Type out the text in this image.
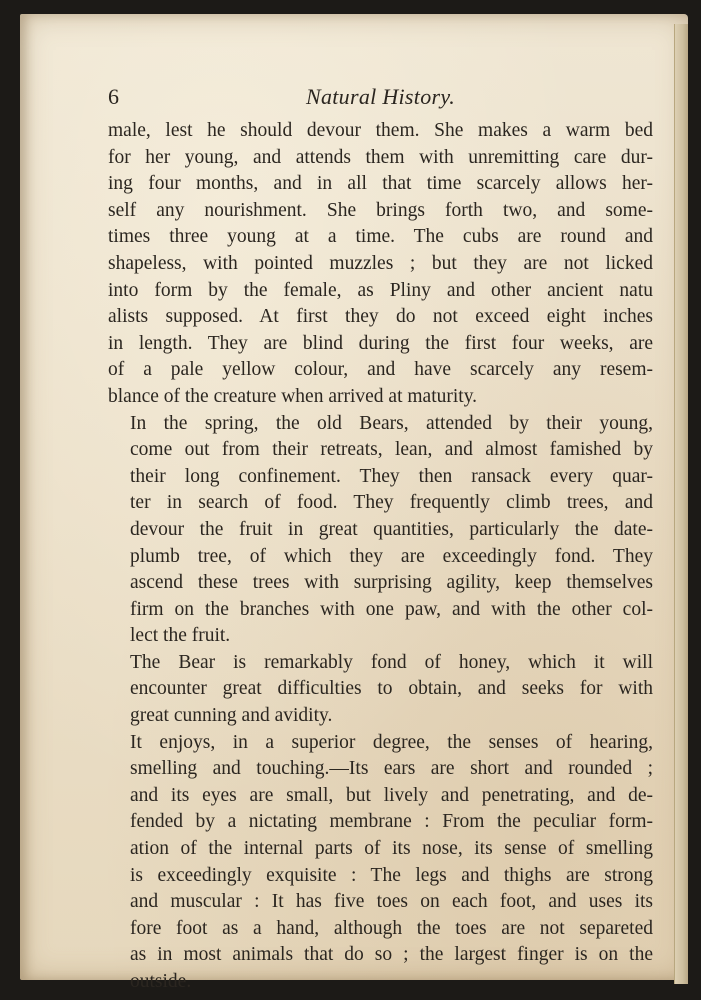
6	Natural History.

male, lest he should devour them. She makes a warm bed
for her young, and attends them with unremitting care dur-
ing four months, and in all that time scarcely allows her-
self any nourishment. She brings forth two, and some-
times three young at a time. The cubs are round and
shapeless, with pointed muzzles ; but they are not licked
into form by the female, as Pliny and other ancient natu
alists supposed. At first they do not exceed eight inches
in length. They are blind during the first four weeks, are
of a pale yellow colour, and have scarcely any resem-
blance of the creature when arrived at maturity.

In the spring, the old Bears, attended by their young,
come out from their retreats, lean, and almost famished by
their long confinement. They then ransack every quar-
ter in search of food. They frequently climb trees, and
devour the fruit in great quantities, particularly the date-
plumb tree, of which they are exceedingly fond. They
ascend these trees with surprising agility, keep themselves
firm on the branches with one paw, and with the other col-
lect the fruit.

The Bear is remarkably fond of honey, which it will
encounter great difficulties to obtain, and seeks for with
great cunning and avidity.

It enjoys, in a superior degree, the senses of hearing,
smelling and touching.—Its ears are short and rounded ;
and its eyes are small, but lively and penetrating, and de-
fended by a nictating membrane : From the peculiar form-
ation of the internal parts of its nose, its sense of smelling
is exceedingly exquisite : The legs and thighs are strong
and muscular : It has five toes on each foot, and uses its
fore foot as a hand, although the toes are not separeted
as in most animals that do so ; the largest finger is on the
outside.
